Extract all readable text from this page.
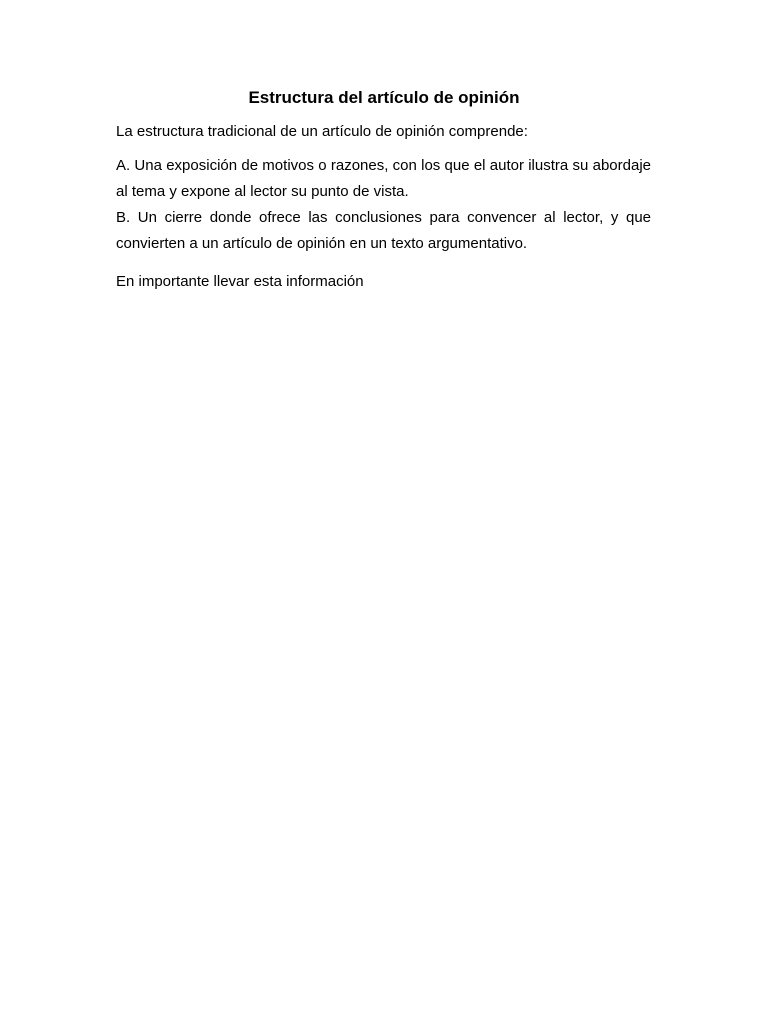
Estructura del artículo de opinión

La estructura tradicional de un artículo de opinión comprende:

A. Una exposición de motivos o razones, con los que el autor ilustra su abordaje al tema y expone al lector su punto de vista.

B. Un cierre donde ofrece las conclusiones para convencer al lector, y que convierten a un artículo de opinión en un texto argumentativo.

En importante llevar esta información
